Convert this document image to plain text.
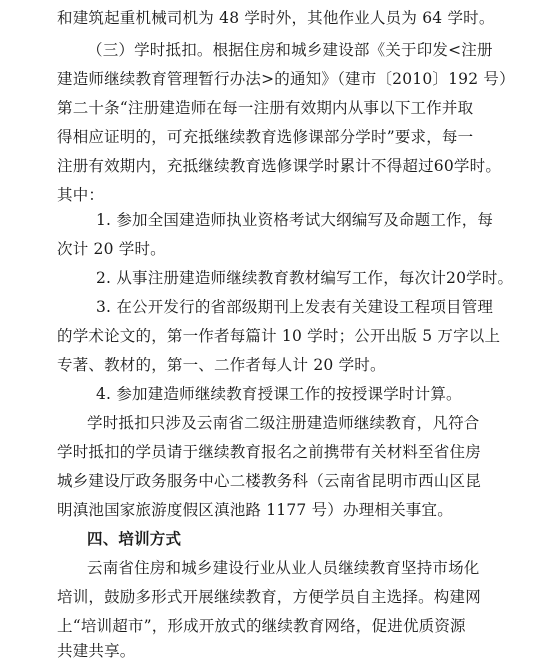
和建筑起重机械司机为 48 学时外，其他作业人员为 64 学时。
（三）学时抵扣。根据住房和城乡建设部《关于印发<注册
建造师继续教育管理暂行办法>的通知》（建市〔2010〕192 号）
第二十条“注册建造师在每一注册有效期内从事以下工作并取
得相应证明的，可充抵继续教育选修课部分学时”要求，每一
注册有效期内，充抵继续教育选修课学时累计不得超过60学时。
其中：
1. 参加全国建造师执业资格考试大纲编写及命题工作，每
次计 20 学时。
2. 从事注册建造师继续教育教材编写工作，每次计20学时。
3. 在公开发行的省部级期刊上发表有关建设工程项目管理
的学术论文的，第一作者每篇计 10 学时；公开出版 5 万字以上
专著、教材的，第一、二作者每人计 20 学时。
4. 参加建造师继续教育授课工作的按授课学时计算。
学时抵扣只涉及云南省二级注册建造师继续教育，凡符合
学时抵扣的学员请于继续教育报名之前携带有关材料至省住房
城乡建设厅政务服务中心二楼教务科（云南省昆明市西山区昆
明滇池国家旅游度假区滇池路 1177 号）办理相关事宜。
四、培训方式
云南省住房和城乡建设行业从业人员继续教育坚持市场化
培训，鼓励多形式开展继续教育，方便学员自主选择。构建网
上“培训超市”，形成开放式的继续教育网络，促进优质资源
共建共享。
